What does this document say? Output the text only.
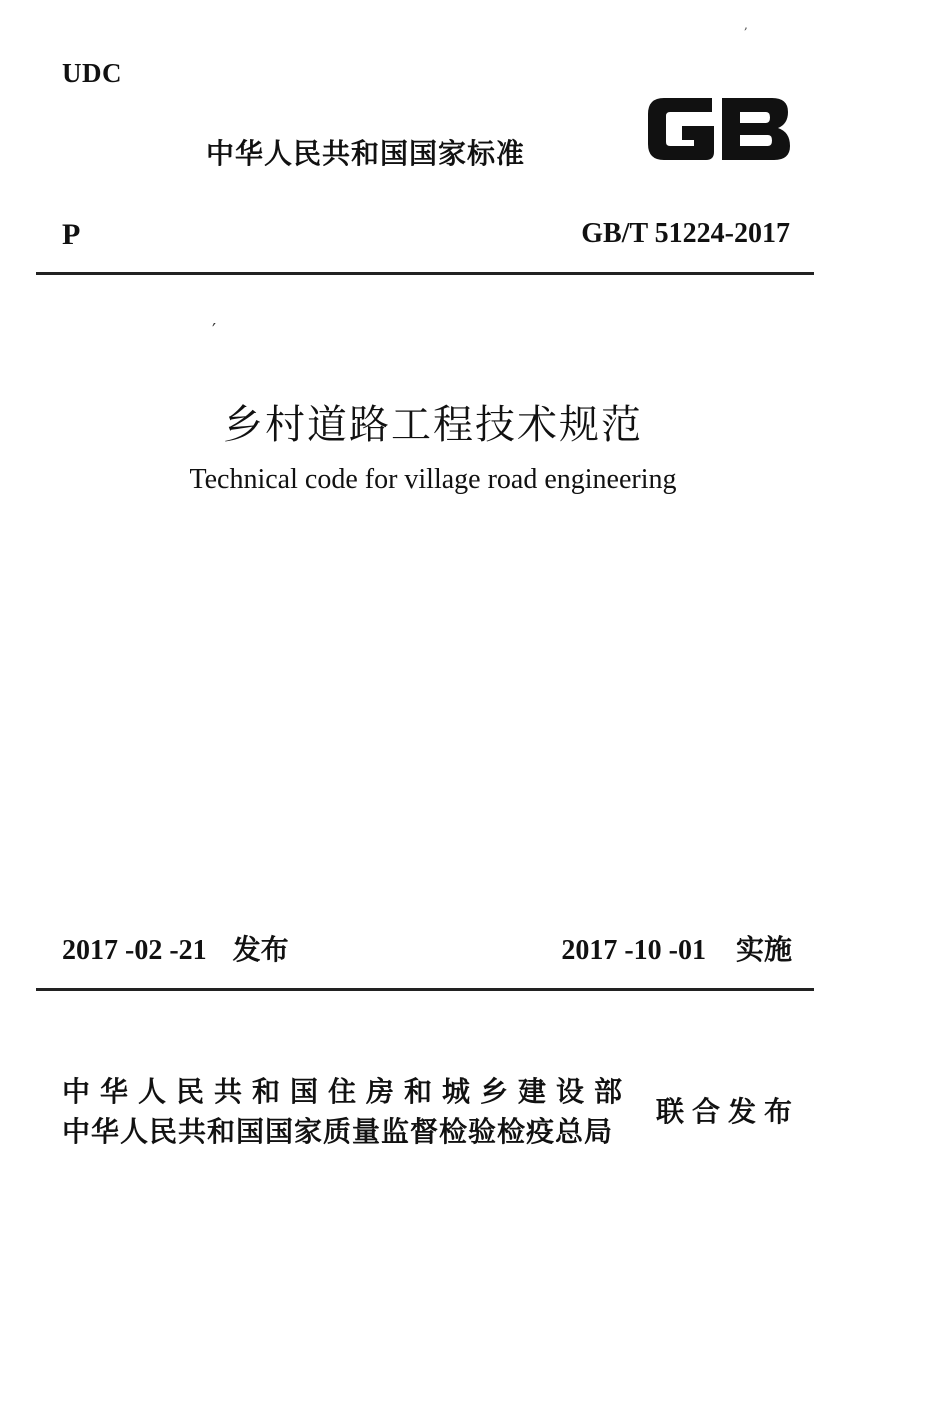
UDC
,
中华人民共和国国家标准
P	GB/T 51224-2017
′
乡村道路工程技术规范
Technical code for village road engineering
2017 -02 -21 发布	2017 -10 -01 实施
中华人民共和国住房和城乡建设部
中华人民共和国国家质量监督检验检疫总局
联合发布
